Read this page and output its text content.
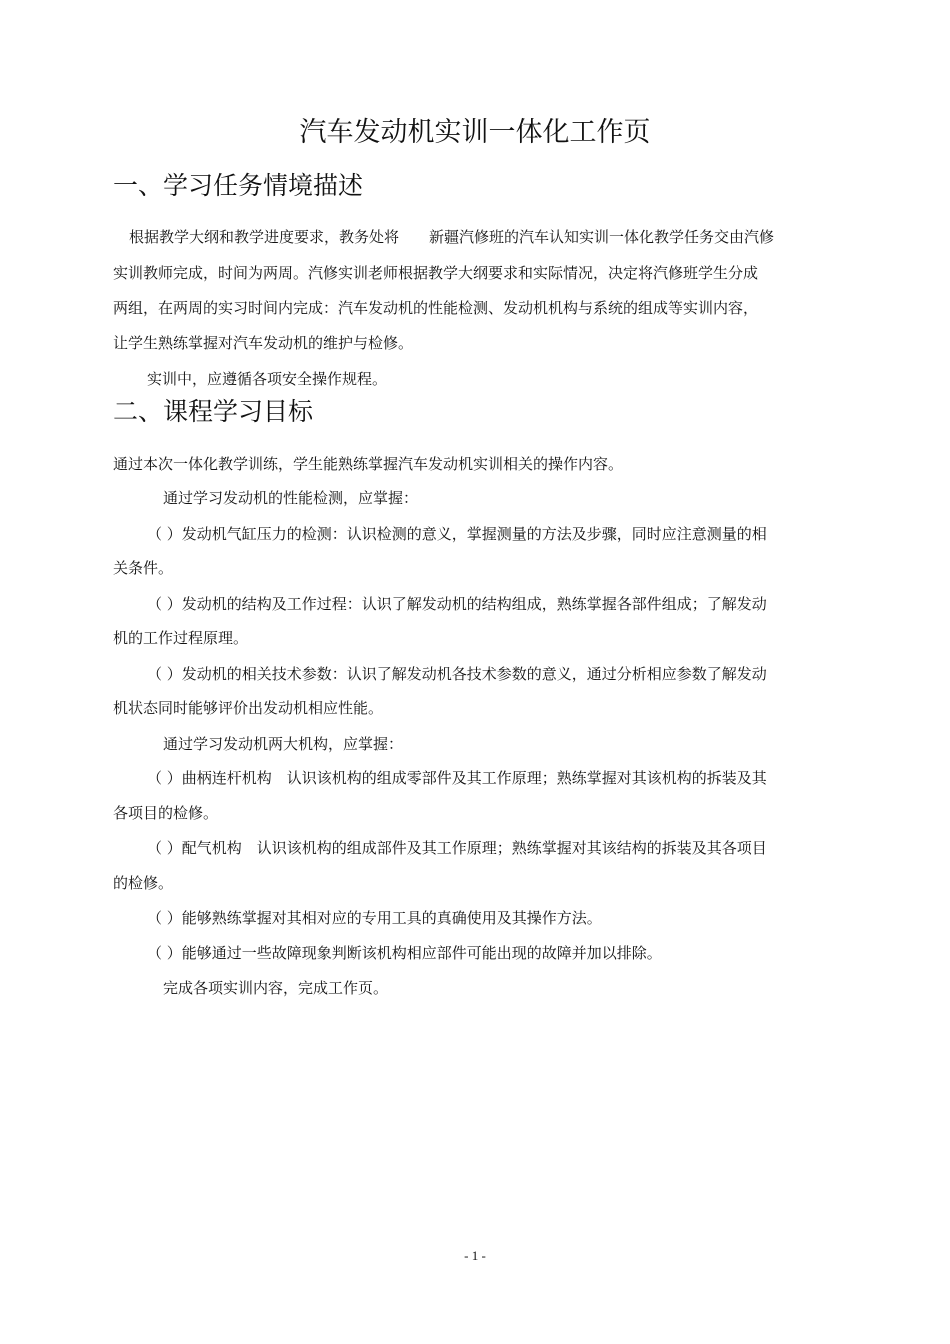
汽车发动机实训一体化工作页
一、学习任务情境描述
根据教学大纲和教学进度要求，教务处将　　新疆汽修班的汽车认知实训一体化教学任务交由汽修
实训教师完成，时间为两周。汽修实训老师根据教学大纲要求和实际情况，决定将汽修班学生分成
两组，在两周的实习时间内完成：汽车发动机的性能检测、发动机机构与系统的组成等实训内容，
让学生熟练掌握对汽车发动机的维护与检修。
实训中，应遵循各项安全操作规程。
二、课程学习目标
通过本次一体化教学训练，学生能熟练掌握汽车发动机实训相关的操作内容。
通过学习发动机的性能检测，应掌握：
（ ）发动机气缸压力的检测：认识检测的意义，掌握测量的方法及步骤，同时应注意测量的相
关条件。
（ ）发动机的结构及工作过程：认识了解发动机的结构组成，熟练掌握各部件组成；了解发动
机的工作过程原理。
（ ）发动机的相关技术参数：认识了解发动机各技术参数的意义，通过分析相应参数了解发动
机状态同时能够评价出发动机相应性能。
通过学习发动机两大机构，应掌握：
（ ）曲柄连杆机构　认识该机构的组成零部件及其工作原理；熟练掌握对其该机构的拆装及其
各项目的检修。
（ ）配气机构　认识该机构的组成部件及其工作原理；熟练掌握对其该结构的拆装及其各项目
的检修。
（ ）能够熟练掌握对其相对应的专用工具的真确使用及其操作方法。
（ ）能够通过一些故障现象判断该机构相应部件可能出现的故障并加以排除。
完成各项实训内容，完成工作页。
- 1 -
